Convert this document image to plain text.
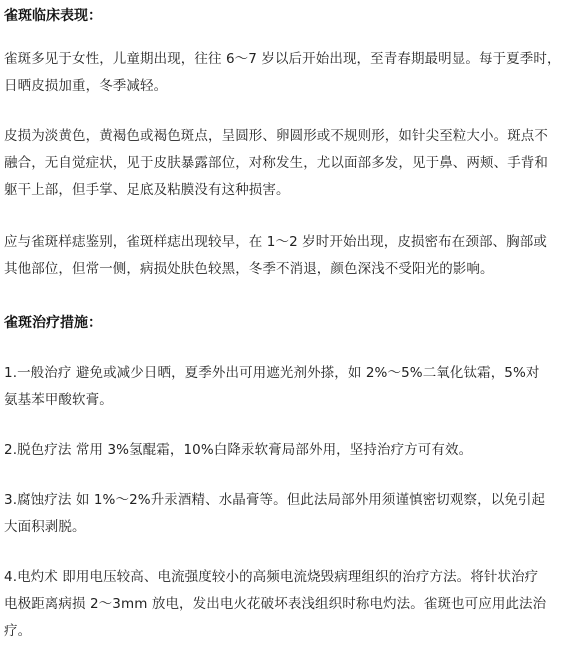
雀斑临床表现：

雀斑多见于女性，儿童期出现，往往 6～7 岁以后开始出现，至青春期最明显。每于夏季时，
日晒皮损加重，冬季减轻。

皮损为淡黄色，黄褐色或褐色斑点，呈圆形、卵圆形或不规则形，如针尖至粒大小。斑点不
融合，无自觉症状，见于皮肤暴露部位，对称发生，尤以面部多发，见于鼻、两颊、手背和
躯干上部，但手掌、足底及粘膜没有这种损害。

应与雀斑样痣鉴别，雀斑样痣出现较早，在 1～2 岁时开始出现，皮损密布在颈部、胸部或
其他部位，但常一侧，病损处肤色较黑，冬季不消退，颜色深浅不受阳光的影响。

雀斑治疗措施：

1.一般治疗 避免或减少日晒，夏季外出可用遮光剂外搽，如 2%～5%二氧化钛霜，5%对
氨基苯甲酸软膏。

2.脱色疗法 常用 3%氢醌霜，10%白降汞软膏局部外用，坚持治疗方可有效。

3.腐蚀疗法 如 1%～2%升汞酒精、水晶膏等。但此法局部外用须谨慎密切观察，以免引起
大面积剥脱。

4.电灼术 即用电压较高、电流强度较小的高频电流烧毁病理组织的治疗方法。将针状治疗
电极距离病损 2～3mm 放电，发出电火花破坏表浅组织时称电灼法。雀斑也可应用此法治
疗。
